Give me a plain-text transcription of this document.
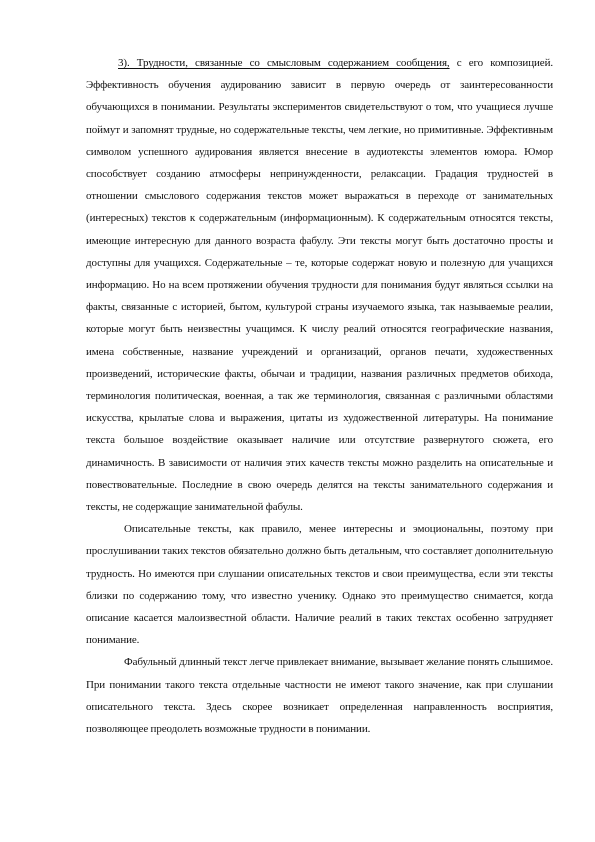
3). Трудности, связанные со смысловым содержанием сообщения, с его композицией. Эффективность обучения аудированию зависит в первую очередь от заинтересованности обучающихся в понимании. Результаты экспериментов свидетельствуют о том, что учащиеся лучше поймут и запомнят трудные, но содержательные тексты, чем легкие, но примитивные. Эффективным символом успешного аудирования является внесение в аудиотексты элементов юмора. Юмор способствует созданию атмосферы непринужденности, релаксации. Градация трудностей в отношении смыслового содержания текстов может выражаться в переходе от занимательных (интересных) текстов к содержательным (информационным). К содержательным относятся тексты, имеющие интересную для данного возраста фабулу. Эти тексты могут быть достаточно просты и доступны для учащихся. Содержательные – те, которые содержат новую и полезную для учащихся информацию. Но на всем протяжении обучения трудности для понимания будут являться ссылки на факты, связанные с историей, бытом, культурой страны изучаемого языка, так называемые реалии, которые могут быть неизвестны учащимся. К числу реалий относятся географические названия, имена собственные, название учреждений и организаций, органов печати, художественных произведений, исторические факты, обычаи и традиции, названия различных предметов обихода, терминология политическая, военная, а так же терминология, связанная с различными областями искусства, крылатые слова и выражения, цитаты из художественной литературы. На понимание текста большое воздействие оказывает наличие или отсутствие развернутого сюжета, его динамичность. В зависимости от наличия этих качеств тексты можно разделить на описательные и повествовательные. Последние в свою очередь делятся на тексты занимательного содержания и тексты, не содержащие занимательной фабулы.

Описательные тексты, как правило, менее интересны и эмоциональны, поэтому при прослушивании таких текстов обязательно должно быть детальным, что составляет дополнительную трудность. Но имеются при слушании описательных текстов и свои преимущества, если эти тексты близки по содержанию тому, что известно ученику. Однако это преимущество снимается, когда описание касается малоизвестной области. Наличие реалий в таких текстах особенно затрудняет понимание.

Фабульный длинный текст легче привлекает внимание, вызывает желание понять слышимое. При понимании такого текста отдельные частности не имеют такого значение, как при слушании описательного текста. Здесь скорее возникает определенная направленность восприятия, позволяющее преодолеть возможные трудности в понимании.
